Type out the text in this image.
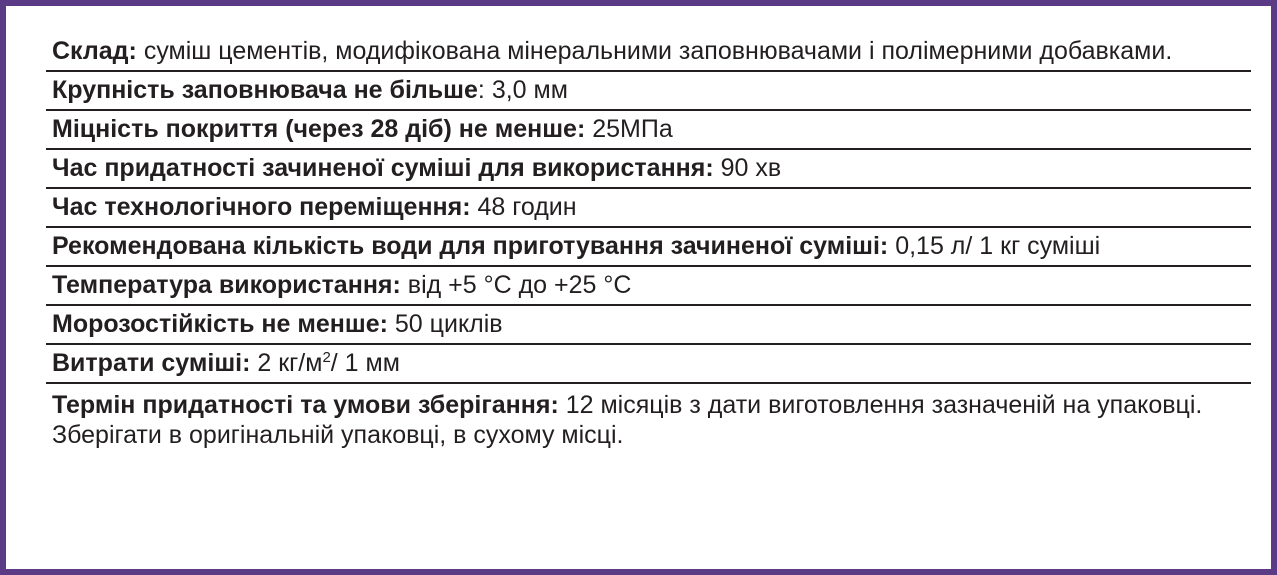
Склад: суміш цементів, модифікована мінеральними заповнювачами і полімерними добавками.
Крупність заповнювача не більше: 3,0 мм
Міцність покриття (через 28 діб) не менше: 25МПа
Час придатності зачиненої суміші для використання: 90 хв
Час технологічного переміщення: 48 годин
Рекомендована кількість води для приготування зачиненої суміші: 0,15 л/ 1 кг суміші
Температура використання: від +5 °С до +25 °С
Морозостійкість не менше: 50 циклів
Витрати суміші: 2 $кг/м^2/$ 1 мм
Термін придатності та умови зберігання: 12 місяців з дати виготовлення зазначеній на упаковці. Зберігати в оригінальній упаковці, в сухому місці.
